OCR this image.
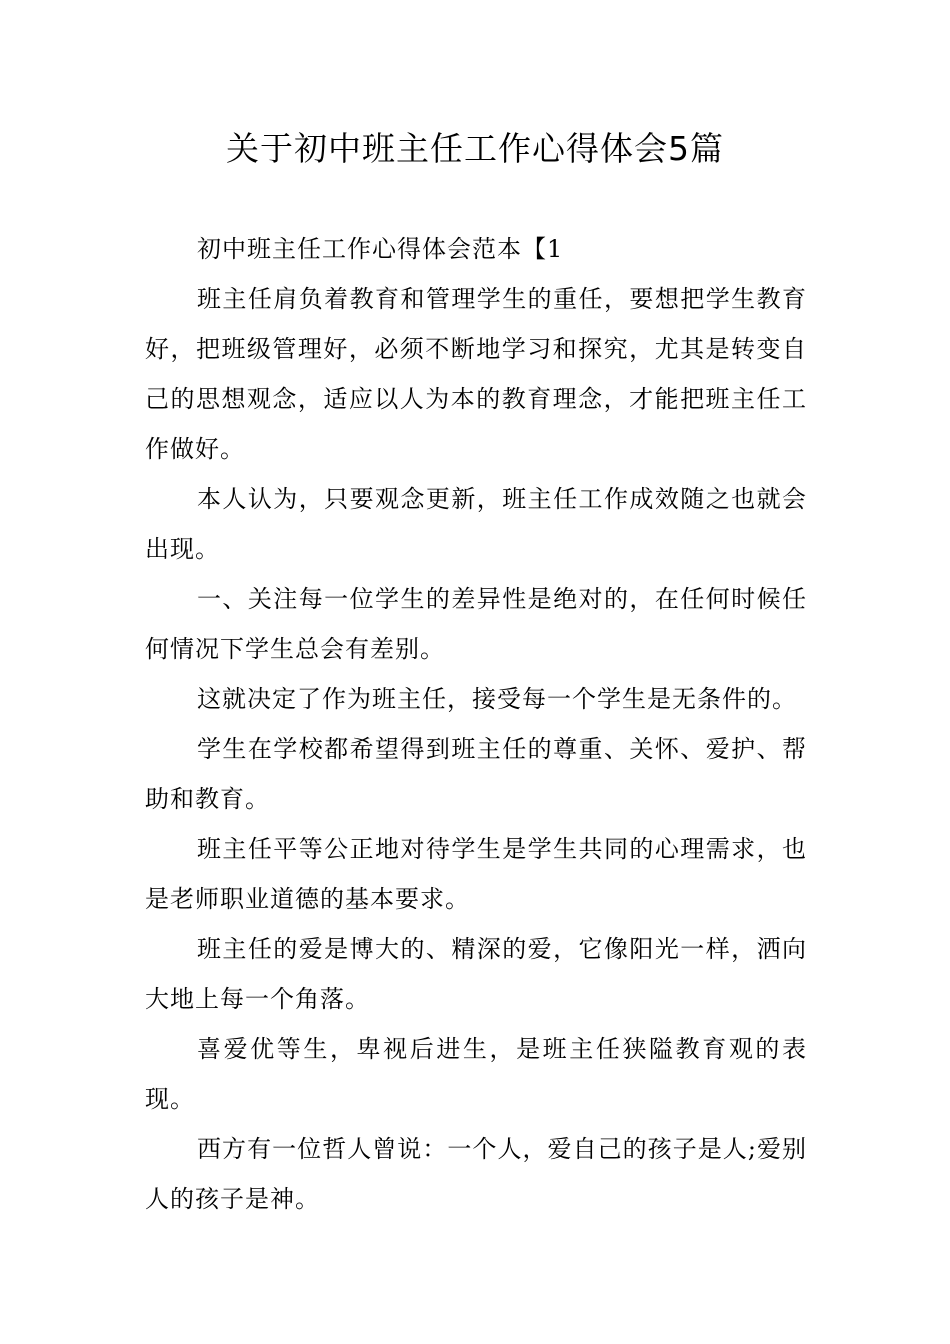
关于初中班主任工作心得体会5篇

初中班主任工作心得体会范本【1

班主任肩负着教育和管理学生的重任，要想把学生教育好，把班级管理好，必须不断地学习和探究，尤其是转变自己的思想观念，适应以人为本的教育理念，才能把班主任工作做好。

本人认为，只要观念更新，班主任工作成效随之也就会出现。

一、关注每一位学生的差异性是绝对的，在任何时候任何情况下学生总会有差别。

这就决定了作为班主任，接受每一个学生是无条件的。

学生在学校都希望得到班主任的尊重、关怀、爱护、帮助和教育。

班主任平等公正地对待学生是学生共同的心理需求，也是老师职业道德的基本要求。

班主任的爱是博大的、精深的爱，它像阳光一样，洒向大地上每一个角落。

喜爱优等生，卑视后进生，是班主任狭隘教育观的表现。

西方有一位哲人曾说：一个人，爱自己的孩子是人;爱别人的孩子是神。
